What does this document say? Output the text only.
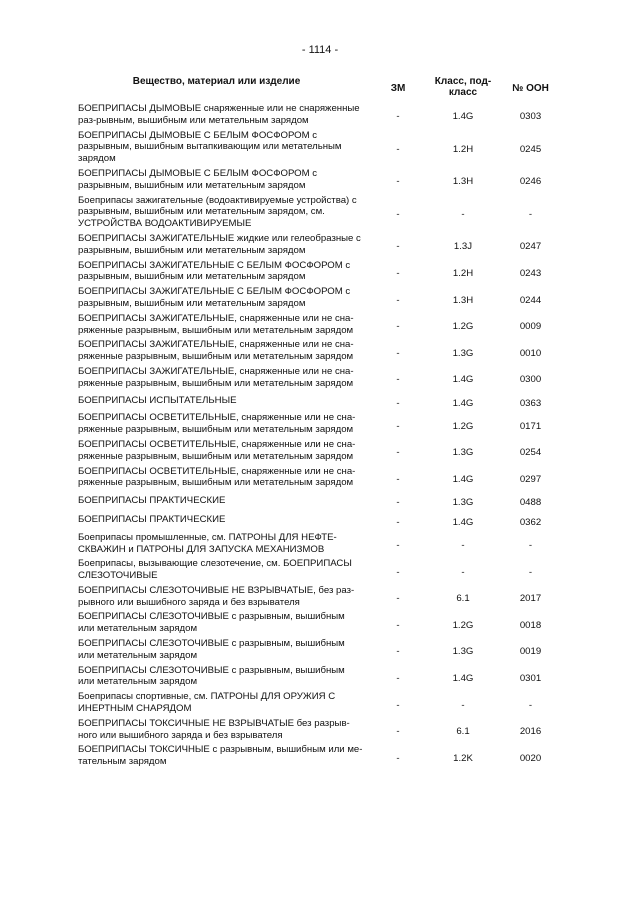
- 1114 -
Вещество, материал или изделие	ЗМ	Класс, под-класс	№ ООН
БОЕПРИПАСЫ ДЫМОВЫЕ снаряженные или не снаряженные раз-рывным, вышибным или метательным зарядом	-	1.4G	0303
БОЕПРИПАСЫ ДЫМОВЫЕ С БЕЛЫМ ФОСФОРОМ с разрывным, вышибным вытапкивающим или метательным зарядом	-	1.2H	0245
БОЕПРИПАСЫ ДЫМОВЫЕ С БЕЛЫМ ФОСФОРОМ с разрывным, вышибным или метательным зарядом	-	1.3H	0246
Боеприпасы зажигательные (водоактивируемые устройства) с разрывным, вышибным или метательным зарядом, см. УСТРОЙСТВА ВОДОАКТИВИРУЕМЫЕ	-	-	-
БОЕПРИПАСЫ ЗАЖИГАТЕЛЬНЫЕ жидкие или гелеобразные с разрывным, вышибным или метательным зарядом	-	1.3J	0247
БОЕПРИПАСЫ ЗАЖИГАТЕЛЬНЫЕ С БЕЛЫМ ФОСФОРОМ с разрывным, вышибным или метательным зарядом	-	1.2H	0243
БОЕПРИПАСЫ ЗАЖИГАТЕЛЬНЫЕ С БЕЛЫМ ФОСФОРОМ с разрывным, вышибным или метательным зарядом	-	1.3H	0244
БОЕПРИПАСЫ ЗАЖИГАТЕЛЬНЫЕ, снаряженные или не сна-ряженные разрывным, вышибным или метательным зарядом	-	1.2G	0009
БОЕПРИПАСЫ ЗАЖИГАТЕЛЬНЫЕ, снаряженные или не сна-ряженные разрывным, вышибным или метательным зарядом	-	1.3G	0010
БОЕПРИПАСЫ ЗАЖИГАТЕЛЬНЫЕ, снаряженные или не сна-ряженные разрывным, вышибным или метательным зарядом	-	1.4G	0300
БОЕПРИПАСЫ ИСПЫТАТЕЛЬНЫЕ	-	1.4G	0363
БОЕПРИПАСЫ ОСВЕТИТЕЛЬНЫЕ, снаряженные или не сна-ряженные разрывным, вышибным или метательным зарядом	-	1.2G	0171
БОЕПРИПАСЫ ОСВЕТИТЕЛЬНЫЕ, снаряженные или не сна-ряженные разрывным, вышибным или метательным зарядом	-	1.3G	0254
БОЕПРИПАСЫ ОСВЕТИТЕЛЬНЫЕ, снаряженные или не сна-ряженные разрывным, вышибным или метательным зарядом	-	1.4G	0297
БОЕПРИПАСЫ ПРАКТИЧЕСКИЕ	-	1.3G	0488
БОЕПРИПАСЫ ПРАКТИЧЕСКИЕ	-	1.4G	0362
Боеприпасы промышленные, см. ПАТРОНЫ ДЛЯ НЕФТЕ-СКВАЖИН и ПАТРОНЫ ДЛЯ ЗАПУСКА МЕХАНИЗМОВ	-	-	-
Боеприпасы, вызывающие слезотечение, см. БОЕПРИПАСЫ СЛЕЗОТОЧИВЫЕ	-	-	-
БОЕПРИПАСЫ СЛЕЗОТОЧИВЫЕ НЕ ВЗРЫВЧАТЫЕ, без раз-рывного или вышибного заряда и без взрывателя	-	6.1	2017
БОЕПРИПАСЫ СЛЕЗОТОЧИВЫЕ с разрывным, вышибным или метательным зарядом	-	1.2G	0018
БОЕПРИПАСЫ СЛЕЗОТОЧИВЫЕ с разрывным, вышибным или метательным зарядом	-	1.3G	0019
БОЕПРИПАСЫ СЛЕЗОТОЧИВЫЕ с разрывным, вышибным или метательным зарядом	-	1.4G	0301
Боеприпасы спортивные, см. ПАТРОНЫ ДЛЯ ОРУЖИЯ С ИНЕРТНЫМ СНАРЯДОМ	-	-	-
БОЕПРИПАСЫ ТОКСИЧНЫЕ НЕ ВЗРЫВЧАТЫЕ без разрыв-ного или вышибного заряда и без взрывателя	-	6.1	2016
БОЕПРИПАСЫ ТОКСИЧНЫЕ с разрывным, вышибным или ме-тательным зарядом	-	1.2K	0020
